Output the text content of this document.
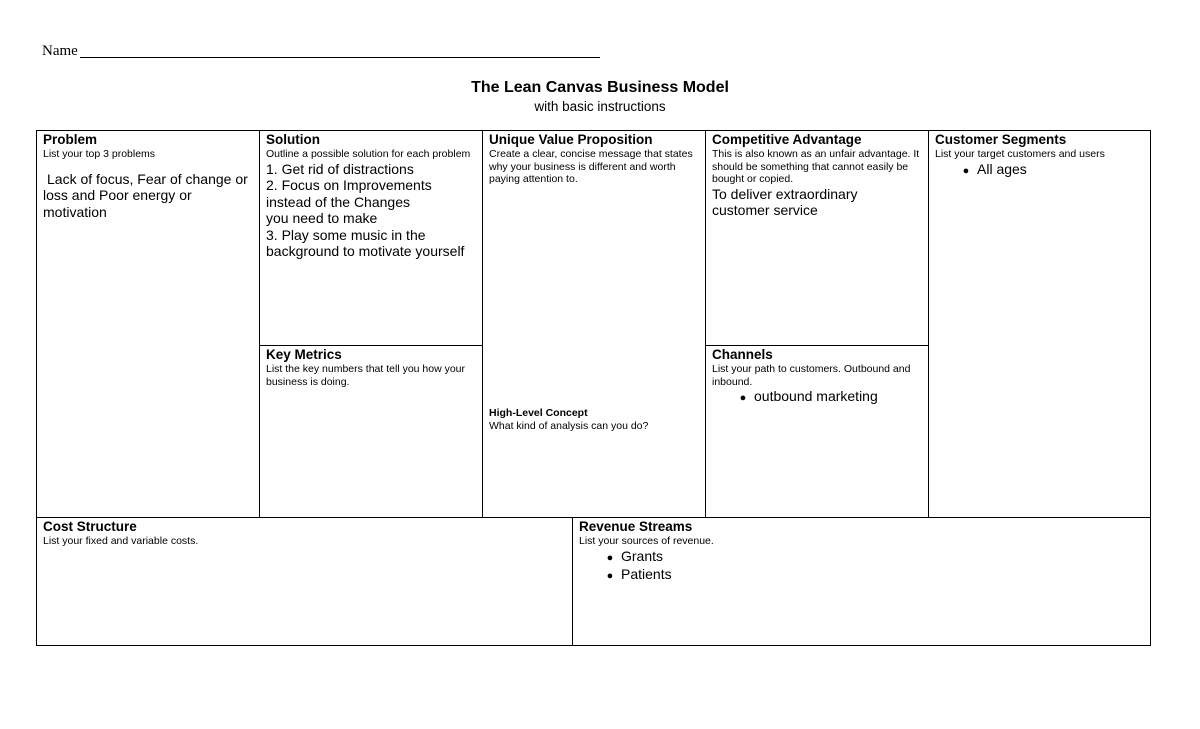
Name
The Lean Canvas Business Model
with basic instructions
Problem
List your top 3 problems
Lack of focus, Fear of change or loss and Poor energy or motivation
Solution
Outline a possible solution for each problem
1. Get rid of distractions
2. Focus on Improvements
instead of the Changes
you need to make
3. Play some music in the
background to motivate yourself
Key Metrics
List the key numbers that tell you how your business is doing.
Unique Value Proposition
Create a clear, concise message that states why your business is different and worth paying attention to.
High-Level Concept
What kind of analysis can you do?
Competitive Advantage
This is also known as an unfair advantage. It should be something that cannot easily be bought or copied.
To deliver extraordinary customer service
Channels
List your path to customers. Outbound and inbound.
● outbound marketing
Customer Segments
List your target customers and users
● All ages
Cost Structure
List your fixed and variable costs.
Revenue Streams
List your sources of revenue.
● Grants
● Patients
